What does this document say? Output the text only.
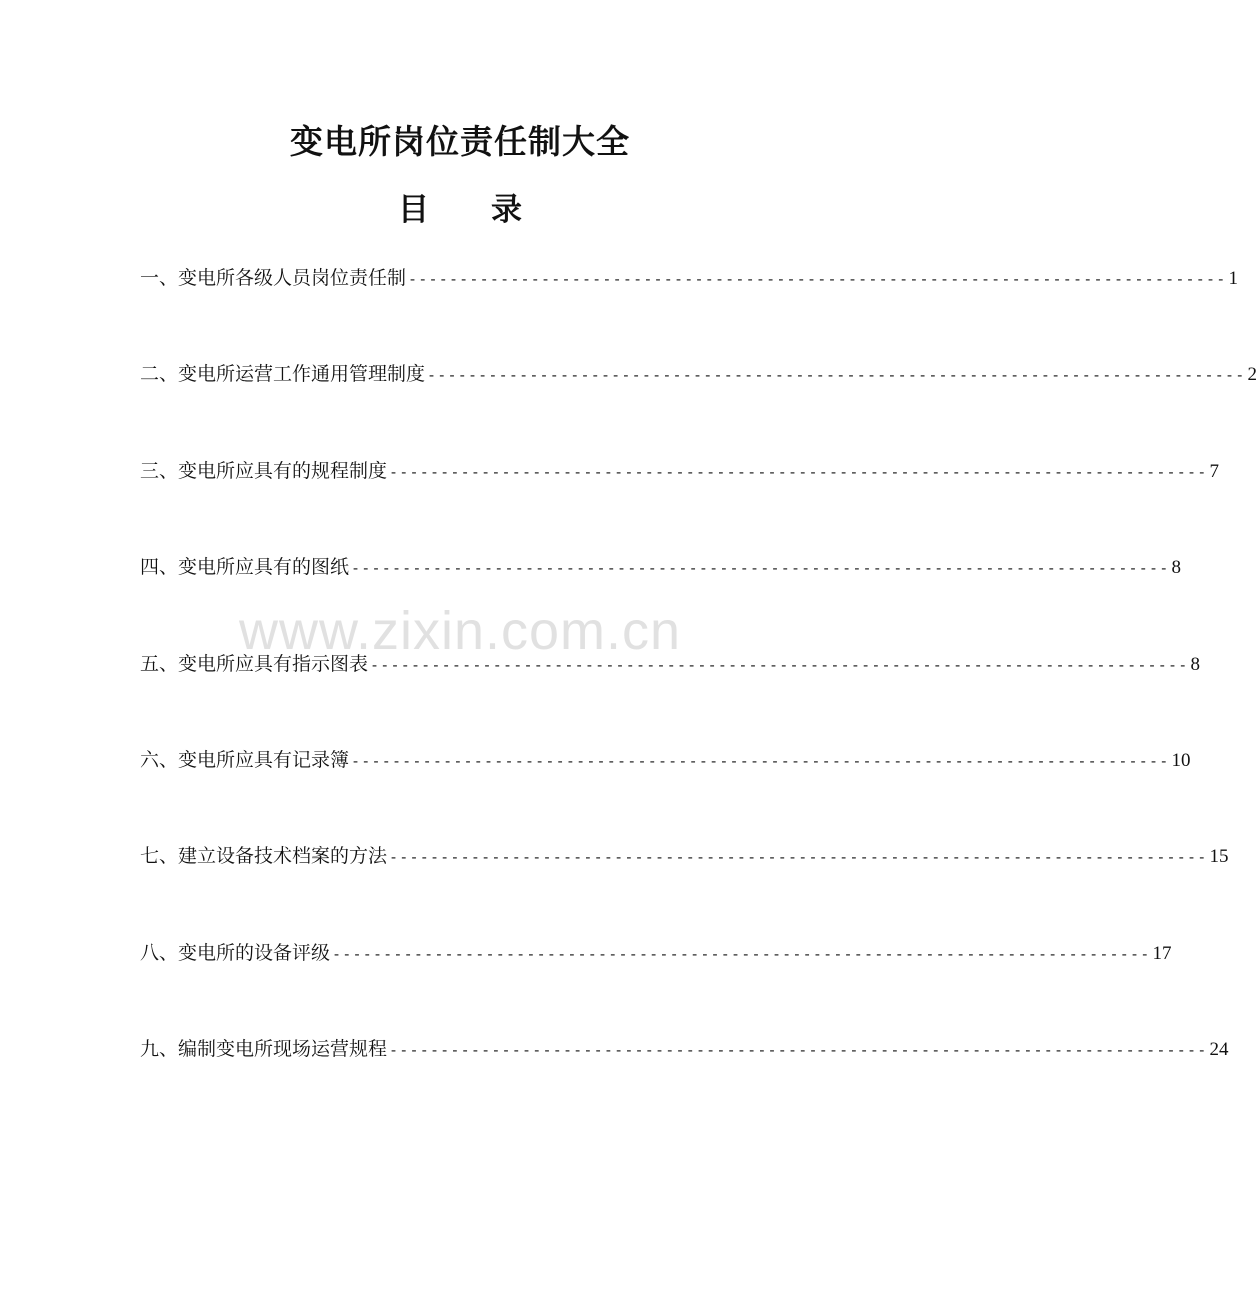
变电所岗位责任制大全
目　　录
一、变电所各级人员岗位责任制 -------------------------------------------------------------------------------- 1
二、变电所运营工作通用管理制度 -------------------------------------------------------------------------------- 2
三、变电所应具有的规程制度 -------------------------------------------------------------------------------- 7
四、变电所应具有的图纸 -------------------------------------------------------------------------------- 8
五、变电所应具有指示图表 -------------------------------------------------------------------------------- 8
六、变电所应具有记录簿 -------------------------------------------------------------------------------- 10
七、建立设备技术档案的方法 -------------------------------------------------------------------------------- 15
八、变电所的设备评级 -------------------------------------------------------------------------------- 17
九、编制变电所现场运营规程 -------------------------------------------------------------------------------- 24
www.zixin.com.cn
